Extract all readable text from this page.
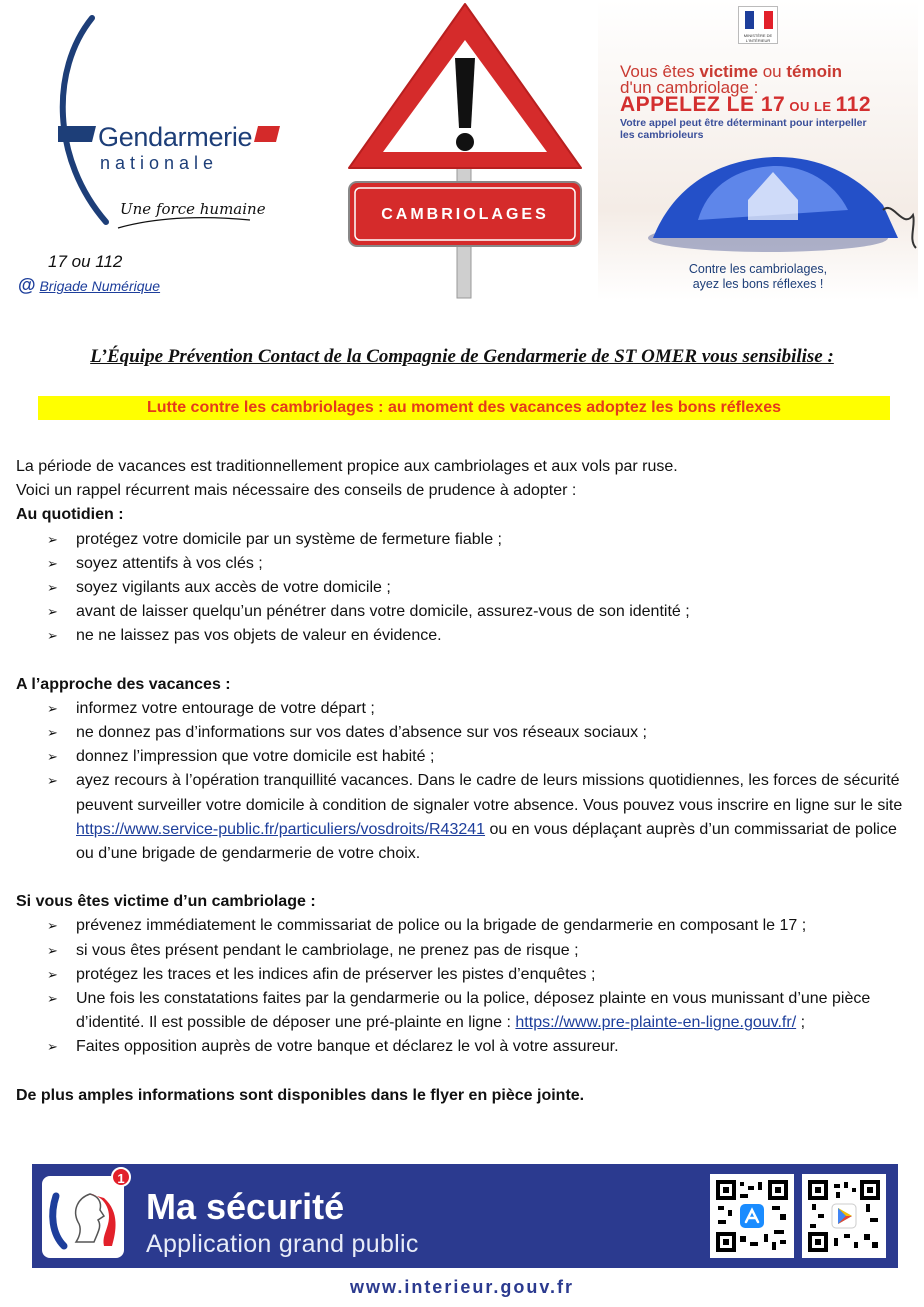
Gendarmerie
nationale
Une force humaine
17 ou 112
@ Brigade Numérique
CAMBRIOLAGES
MINISTÈRE DE L'INTÉRIEUR
Vous êtes victime ou témoin
d'un cambriolage :
APPELEZ LE 17 OU LE 112
Votre appel peut être déterminant pour interpeller les cambrioleurs
Contre les cambriolages,
ayez les bons réflexes !
L’Équipe Prévention Contact de la Compagnie de Gendarmerie de ST OMER vous sensibilise :
Lutte contre les cambriolages : au moment des vacances adoptez les bons réflexes

La période de vacances est traditionnellement propice aux cambriolages et aux vols par ruse.

Voici un rappel récurrent mais nécessaire des conseils de prudence à adopter :

Au quotidien :

➢ protégez votre domicile par un système de fermeture fiable ;
➢ soyez attentifs à vos clés ;
➢ soyez vigilants aux accès de votre domicile ;
➢ avant de laisser quelqu’un pénétrer dans votre domicile, assurez-vous de son identité ;
➢ ne ne laissez pas vos objets de valeur en évidence.

A l’approche des vacances :

➢ informez votre entourage de votre départ ;
➢ ne donnez pas d’informations sur vos dates d’absence sur vos réseaux sociaux ;
➢ donnez l’impression que votre domicile est habité ;
➢ ayez recours à l’opération tranquillité vacances. Dans le cadre de leurs missions quotidiennes, les forces de sécurité peuvent surveiller votre domicile à condition de signaler votre absence. Vous pouvez vous inscrire en ligne sur le site https://www.service-public.fr/particuliers/vosdroits/R43241 ou en vous déplaçant auprès d’un commissariat de police ou d’une brigade de gendarmerie de votre choix.

Si vous êtes victime d’un cambriolage :

➢ prévenez immédiatement le commissariat de police ou la brigade de gendarmerie en composant le 17 ;
➢ si vous êtes présent pendant le cambriolage, ne prenez pas de risque ;
➢ protégez les traces et les indices afin de préserver les pistes d’enquêtes ;
➢ Une fois les constatations faites par la gendarmerie ou la police, déposez plainte en vous munissant d’une pièce d’identité. Il est possible de déposer une pré-plainte en ligne : https://www.pre-plainte-en-ligne.gouv.fr/ ;
➢ Faites opposition auprès de votre banque et déclarez le vol à votre assureur.

De plus amples informations sont disponibles dans le flyer en pièce jointe.

1
Ma sécurité
Application grand public
www.interieur.gouv.fr
